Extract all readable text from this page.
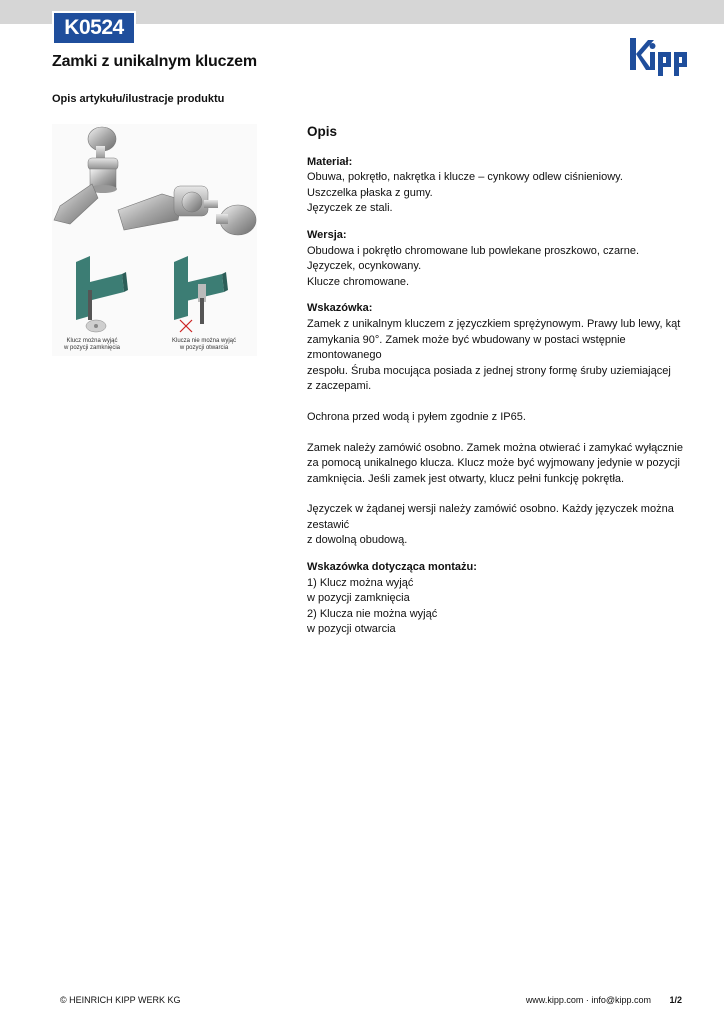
K0524
Zamki z unikalnym kluczem
Opis artykułu/ilustracje produktu
Klucz można wyjąć
w pozycji zamknięcia
Klucza nie można wyjąć
w pozycji otwarcia
Opis
Materiał:
Obuwa, pokrętło, nakrętka i klucze – cynkowy odlew ciśnieniowy.
Uszczelka płaska z gumy.
Języczek ze stali.
Wersja:
Obudowa i pokrętło chromowane lub powlekane proszkowo, czarne.
Języczek, ocynkowany.
Klucze chromowane.
Wskazówka:
Zamek z unikalnym kluczem z języczkiem sprężynowym. Prawy lub lewy, kąt
zamykania 90°. Zamek może być wbudowany w postaci wstępnie zmontowanego
zespołu. Śruba mocująca posiada z jednej strony formę śruby uziemiającej
z zaczepami.
Ochrona przed wodą i pyłem zgodnie z IP65.
Zamek należy zamówić osobno. Zamek można otwierać i zamykać wyłącznie
za pomocą unikalnego klucza. Klucz może być wyjmowany jedynie w pozycji
zamknięcia. Jeśli zamek jest otwarty, klucz pełni funkcję pokrętła.
Języczek w żądanej wersji należy zamówić osobno. Każdy języczek można zestawić
z dowolną obudową.
Wskazówka dotycząca montażu:
1) Klucz można wyjąć
w pozycji zamknięcia
2) Klucza nie można wyjąć
w pozycji otwarcia
© HEINRICH KIPP WERK KG	www.kipp.com · info@kipp.com 1/2
